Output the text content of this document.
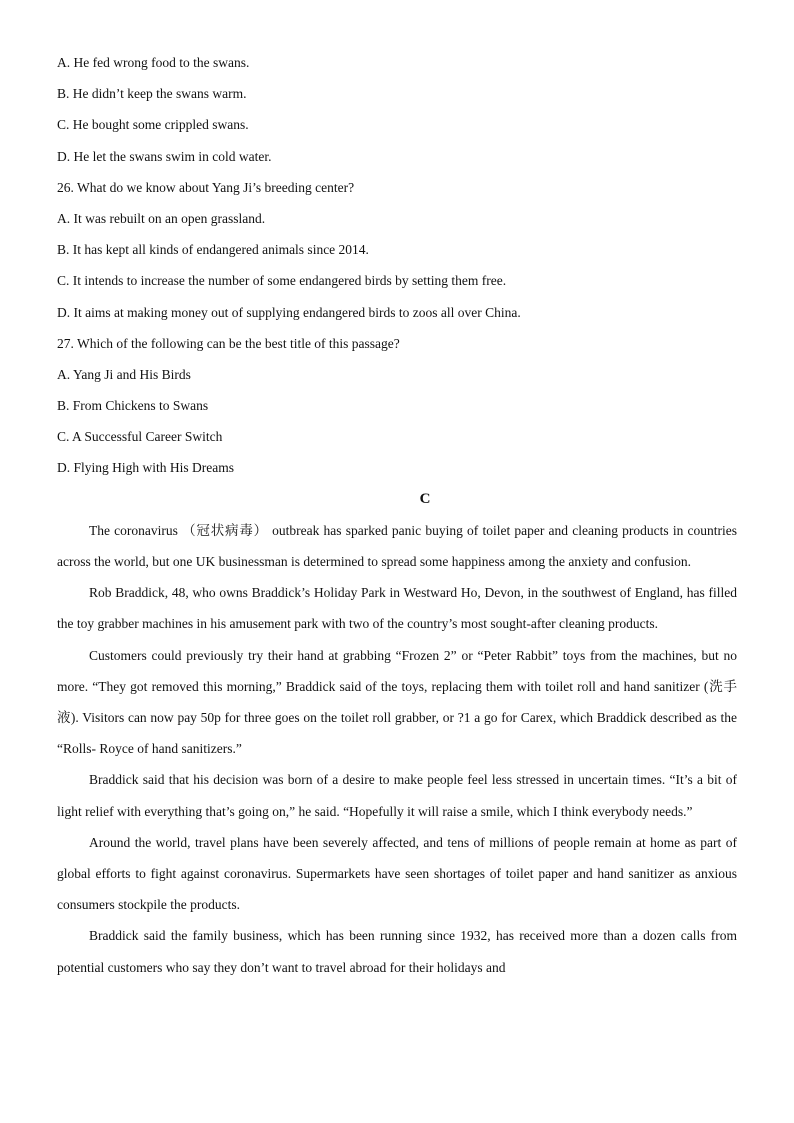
A. He fed wrong food to the swans.
B. He didn’t keep the swans warm.
C. He bought some crippled swans.
D. He let the swans swim in cold water.
26. What do we know about Yang Ji’s breeding center?
A. It was rebuilt on an open grassland.
B. It has kept all kinds of endangered animals since 2014.
C. It intends to increase the number of some endangered birds by setting them free.
D. It aims at making money out of supplying endangered birds to zoos all over China.
27. Which of the following can be the best title of this passage?
A. Yang Ji and His Birds
B. From Chickens to Swans
C. A Successful Career Switch
D. Flying High with His Dreams
C

The coronavirus （冠状病毒） outbreak has sparked panic buying of toilet paper and cleaning products in countries across the world, but one UK businessman is determined to spread some happiness among the anxiety and confusion.

Rob Braddick, 48, who owns Braddick’s Holiday Park in Westward Ho, Devon, in the southwest of England, has filled the toy grabber machines in his amusement park with two of the country’s most sought-after cleaning products.

Customers could previously try their hand at grabbing “Frozen 2” or “Peter Rabbit” toys from the machines, but no more. “They got removed this morning,” Braddick said of the toys, replacing them with toilet roll and hand sanitizer (洗手液). Visitors can now pay 50p for three goes on the toilet roll grabber, or ?1 a go for Carex, which Braddick described as the “Rolls- Royce of hand sanitizers.”

Braddick said that his decision was born of a desire to make people feel less stressed in uncertain times. “It’s a bit of light relief with everything that’s going on,” he said. “Hopefully it will raise a smile, which I think everybody needs.”

Around the world, travel plans have been severely affected, and tens of millions of people remain at home as part of global efforts to fight against coronavirus. Supermarkets have seen shortages of toilet paper and hand sanitizer as anxious consumers stockpile the products.

Braddick said the family business, which has been running since 1932, has received more than a dozen calls from potential customers who say they don’t want to travel abroad for their holidays and
